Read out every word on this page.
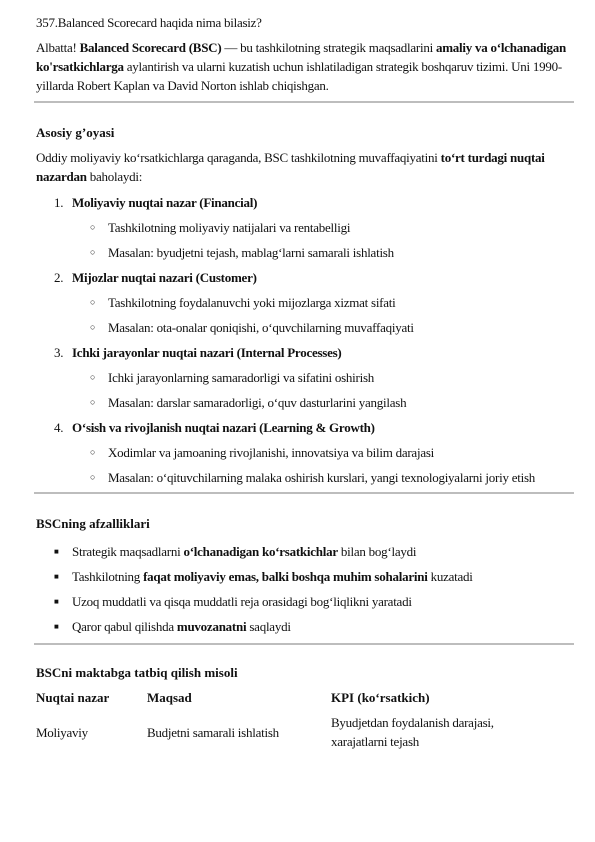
357.Balanced Scorecard haqida nima bilasiz?

Albatta! Balanced Scorecard (BSC) — bu tashkilotning strategik maqsadlarini amaliy va o‘lchanadigan ko'rsatkichlarga aylantirish va ularni kuzatish uchun ishlatiladigan strategik boshqaruv tizimi. Uni 1990-yillarda Robert Kaplan va David Norton ishlab chiqishgan.

Asosiy g’oyasi

Oddiy moliyaviy ko‘rsatkichlarga qaraganda, BSC tashkilotning muvaffaqiyatini to‘rt turdagi nuqtai nazardan baholaydi:

1. Moliyaviy nuqtai nazar (Financial)
○ Tashkilotning moliyaviy natijalari va rentabelligi
○ Masalan: byudjetni tejash, mablag‘larni samarali ishlatish
2. Mijozlar nuqtai nazari (Customer)
○ Tashkilotning foydalanuvchi yoki mijozlarga xizmat sifati
○ Masalan: ota-onalar qoniqishi, o‘quvchilarning muvaffaqiyati
3. Ichki jarayonlar nuqtai nazari (Internal Processes)
○ Ichki jarayonlarning samaradorligi va sifatini oshirish
○ Masalan: darslar samaradorligi, o‘quv dasturlarini yangilash
4. O‘sish va rivojlanish nuqtai nazari (Learning & Growth)
○ Xodimlar va jamoaning rivojlanishi, innovatsiya va bilim darajasi
○ Masalan: o‘qituvchilarning malaka oshirish kurslari, yangi texnologiyalarni joriy etish

BSCning afzalliklari

■	Strategik maqsadlarni o‘lchanadigan ko‘rsatkichlar bilan bog‘laydi
■	Tashkilotning faqat moliyaviy emas, balki boshqa muhim sohalarini kuzatadi
■	Uzoq muddatli va qisqa muddatli reja orasidagi bog‘liqlikni yaratadi
■	Qaror qabul qilishda muvozanatni saqlaydi

BSCni maktabga tatbiq qilish misoli

Nuqtai nazar	Maqsad	KPI (ko‘rsatkich)
Moliyaviy	Budjetni samarali ishlatish	Byudjetdan foydalanish darajasi, xarajatlarni tejash
